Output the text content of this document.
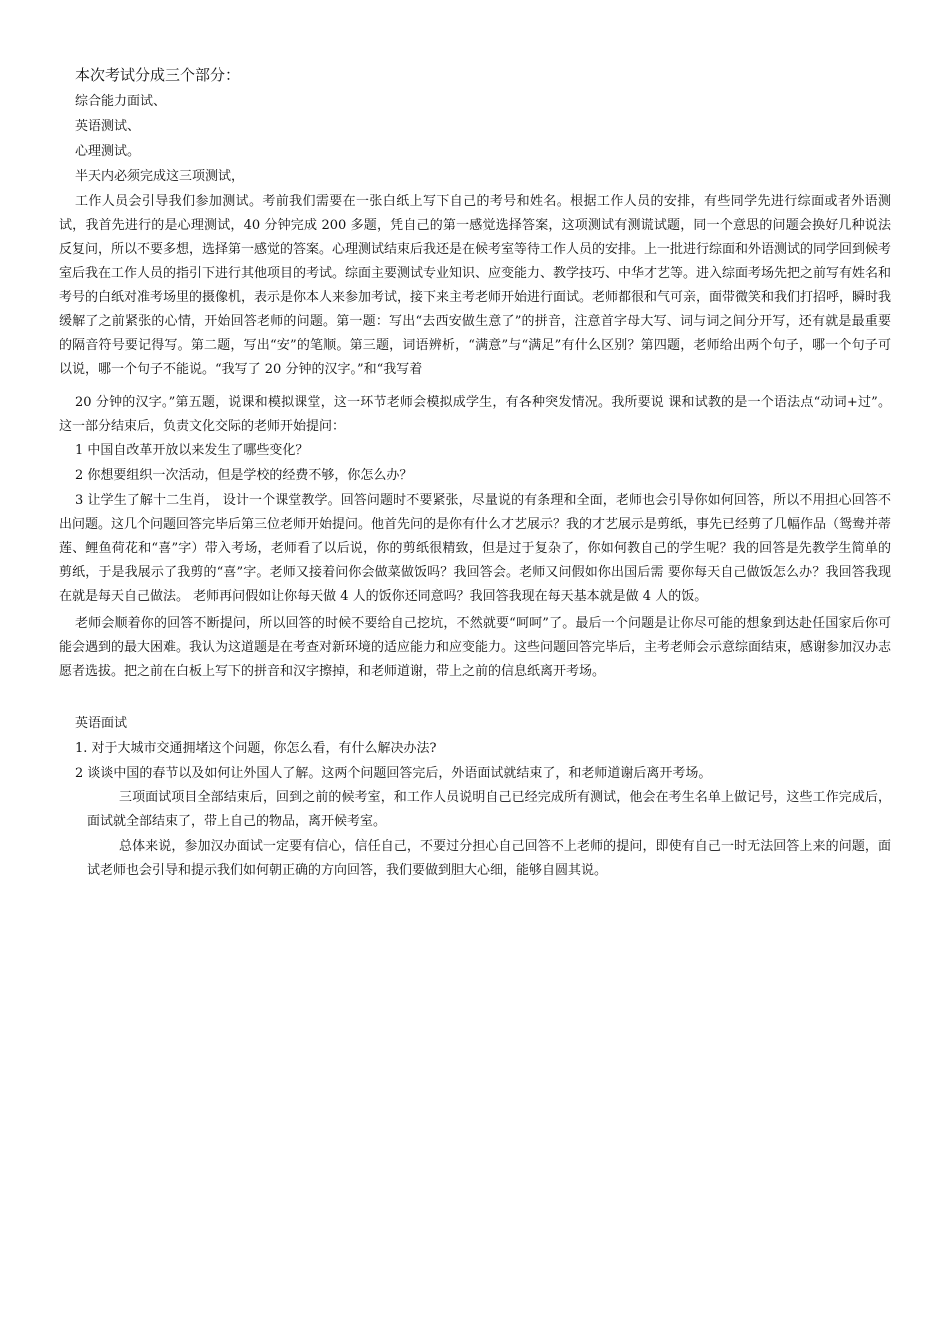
本次考试分成三个部分：

综合能力面试、

英语测试、

心理测试。

半天内必须完成这三项测试，

工作人员会引导我们参加测试。考前我们需要在一张白纸上写下自己的考号和姓名。根据工作人员的安排，有些同学先进行综面或者外语测试，我首先进行的是心理测试，40 分钟完成 200 多题，凭自己的第一感觉选择答案，这项测试有测谎试题，同一个意思的问题会换好几种说法反复问，所以不要多想，选择第一感觉的答案。心理测试结束后我还是在候考室等待工作人员的安排。上一批进行综面和外语测试的同学回到候考室后我在工作人员的指引下进行其他项目的考试。综面主要测试专业知识、应变能力、教学技巧、中华才艺等。进入综面考场先把之前写有姓名和考号的白纸对准考场里的摄像机，表示是你本人来参加考试，接下来主考老师开始进行面试。老师都很和气可亲，面带微笑和我们打招呼，瞬时我缓解了之前紧张的心情，开始回答老师的问题。第一题：写出“去西安做生意了”的拼音，注意首字母大写、词与词之间分开写，还有就是最重要的隔音符号要记得写。第二题，写出“安”的笔顺。第三题，词语辨析，“满意”与“满足”有什么区别？第四题，老师给出两个句子，哪一个句子可以说，哪一个句子不能说。“我写了 20 分钟的汉字。”和“我写着

20 分钟的汉字。”第五题，说课和模拟课堂，这一环节老师会模拟成学生，有各种突发情况。我所要说 课和试教的是一个语法点“动词+过”。这一部分结束后，负责文化交际的老师开始提问：

1 中国自改革开放以来发生了哪些变化？

2 你想要组织一次活动，但是学校的经费不够，你怎么办？

3 让学生了解十二生肖， 设计一个课堂教学。回答问题时不要紧张，尽量说的有条理和全面，老师也会引导你如何回答，所以不用担心回答不出问题。这几个问题回答完毕后第三位老师开始提问。他首先问的是你有什么才艺展示？我的才艺展示是剪纸，事先已经剪了几幅作品（鸳鸯并蒂莲、鲤鱼荷花和“喜”字）带入考场，老师看了以后说，你的剪纸很精致，但是过于复杂了，你如何教自己的学生呢？我的回答是先教学生简单的剪纸，于是我展示了我剪的“喜”字。老师又接着问你会做菜做饭吗？我回答会。老师又问假如你出国后需 要你每天自己做饭怎么办？我回答我现在就是每天自己做法。 老师再问假如让你每天做 4 人的饭你还同意吗？我回答我现在每天基本就是做 4 人的饭。

老师会顺着你的回答不断提问，所以回答的时候不要给自己挖坑，不然就要“呵呵”了。最后一个问题是让你尽可能的想象到达赴任国家后你可能会遇到的最大困难。我认为这道题是在考查对新环境的适应能力和应变能力。这些问题回答完毕后，主考老师会示意综面结束，感谢参加汉办志愿者选拔。把之前在白板上写下的拼音和汉字擦掉，和老师道谢，带上之前的信息纸离开考场。

英语面试

1. 对于大城市交通拥堵这个问题，你怎么看，有什么解决办法?

2 谈谈中国的春节以及如何让外国人了解。这两个问题回答完后，外语面试就结束了，和老师道谢后离开考场。

三项面试项目全部结束后，回到之前的候考室，和工作人员说明自己已经完成所有测试，他会在考生名单上做记号，这些工作完成后，面试就全部结束了，带上自己的物品，离开候考室。

总体来说，参加汉办面试一定要有信心，信任自己，不要过分担心自己回答不上老师的提问，即使有自己一时无法回答上来的问题，面试老师也会引导和提示我们如何朝正确的方向回答，我们要做到胆大心细，能够自圆其说。
